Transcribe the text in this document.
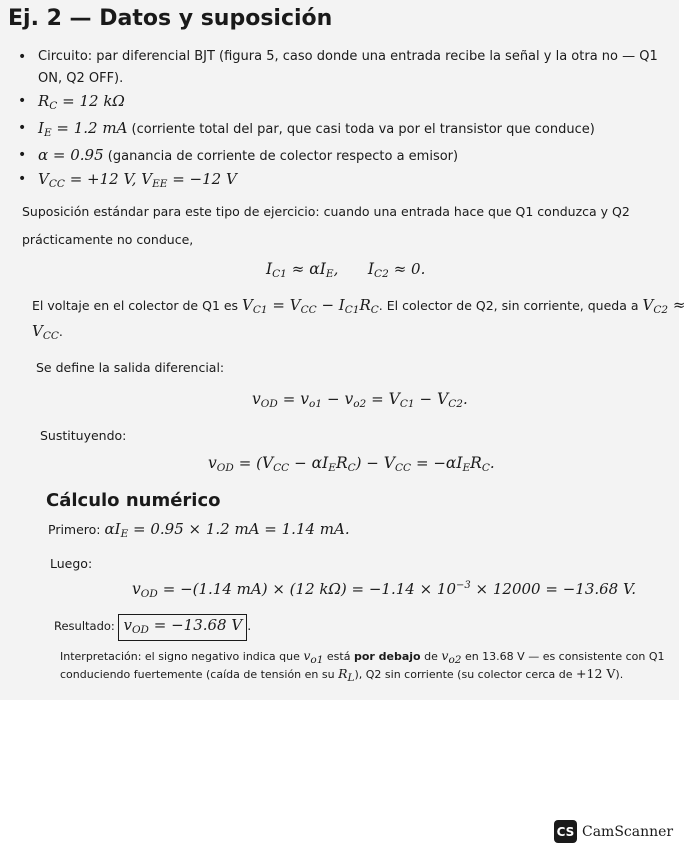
Ej. 2 — Datos y suposición
• Circuito: par diferencial BJT (figura 5, caso donde una entrada recibe la señal y la otra no — Q1 ON, Q2 OFF).
• $R_C = 12$ kΩ
• $I_E = 1.2$ mA (corriente total del par, que casi toda va por el transistor que conduce)
• α = 0.95 (ganancia de corriente de colector respecto a emisor)
• $V_{CC} = +12$ V, $V_{EE} = -12$ V
Suposición estándar para este tipo de ejercicio: cuando una entrada hace que Q1 conduzca y Q2
prácticamente no conduce,
$I_{C1} \approx \alpha I_E$,      $I_{C2} \approx 0$.
El voltaje en el colector de Q1 es $V_{C1} = V_{CC} - I_{C1}R_C$. El colector de Q2, sin corriente, queda a $V_{C2}$ ≈
$V_{CC}$.
Se define la salida diferencial:
$v_{OD} = v_{o1} - v_{o2} = V_{C1} - V_{C2}$.
Sustituyendo:
$v_{OD} = (V_{CC} - \alpha I_ER_C) - V_{CC} = -\alpha I_ER_C$.
Cálculo numérico
Primero: $\alpha I_E = 0.95 \times 1.2$ mA = 1.14 mA.
Luego:
$v_{OD} = -(1.14$ mA) × (12 $k\Omega) = -1.14 \times 10^{-3} \times 12000 = -13.68$ V.
Resultado: $v_{OD} = -13.68$ V .
Interpretación: el signo negativo indica que $v_{o1}$ está por debajo de $v_{o2}$ en 13.68 V — es consistente con Q1
conduciendo fuertemente (caída de tensión en su $R_L$), Q2 sin corriente (su colector cerca de +12 V).
CS CamScanner
